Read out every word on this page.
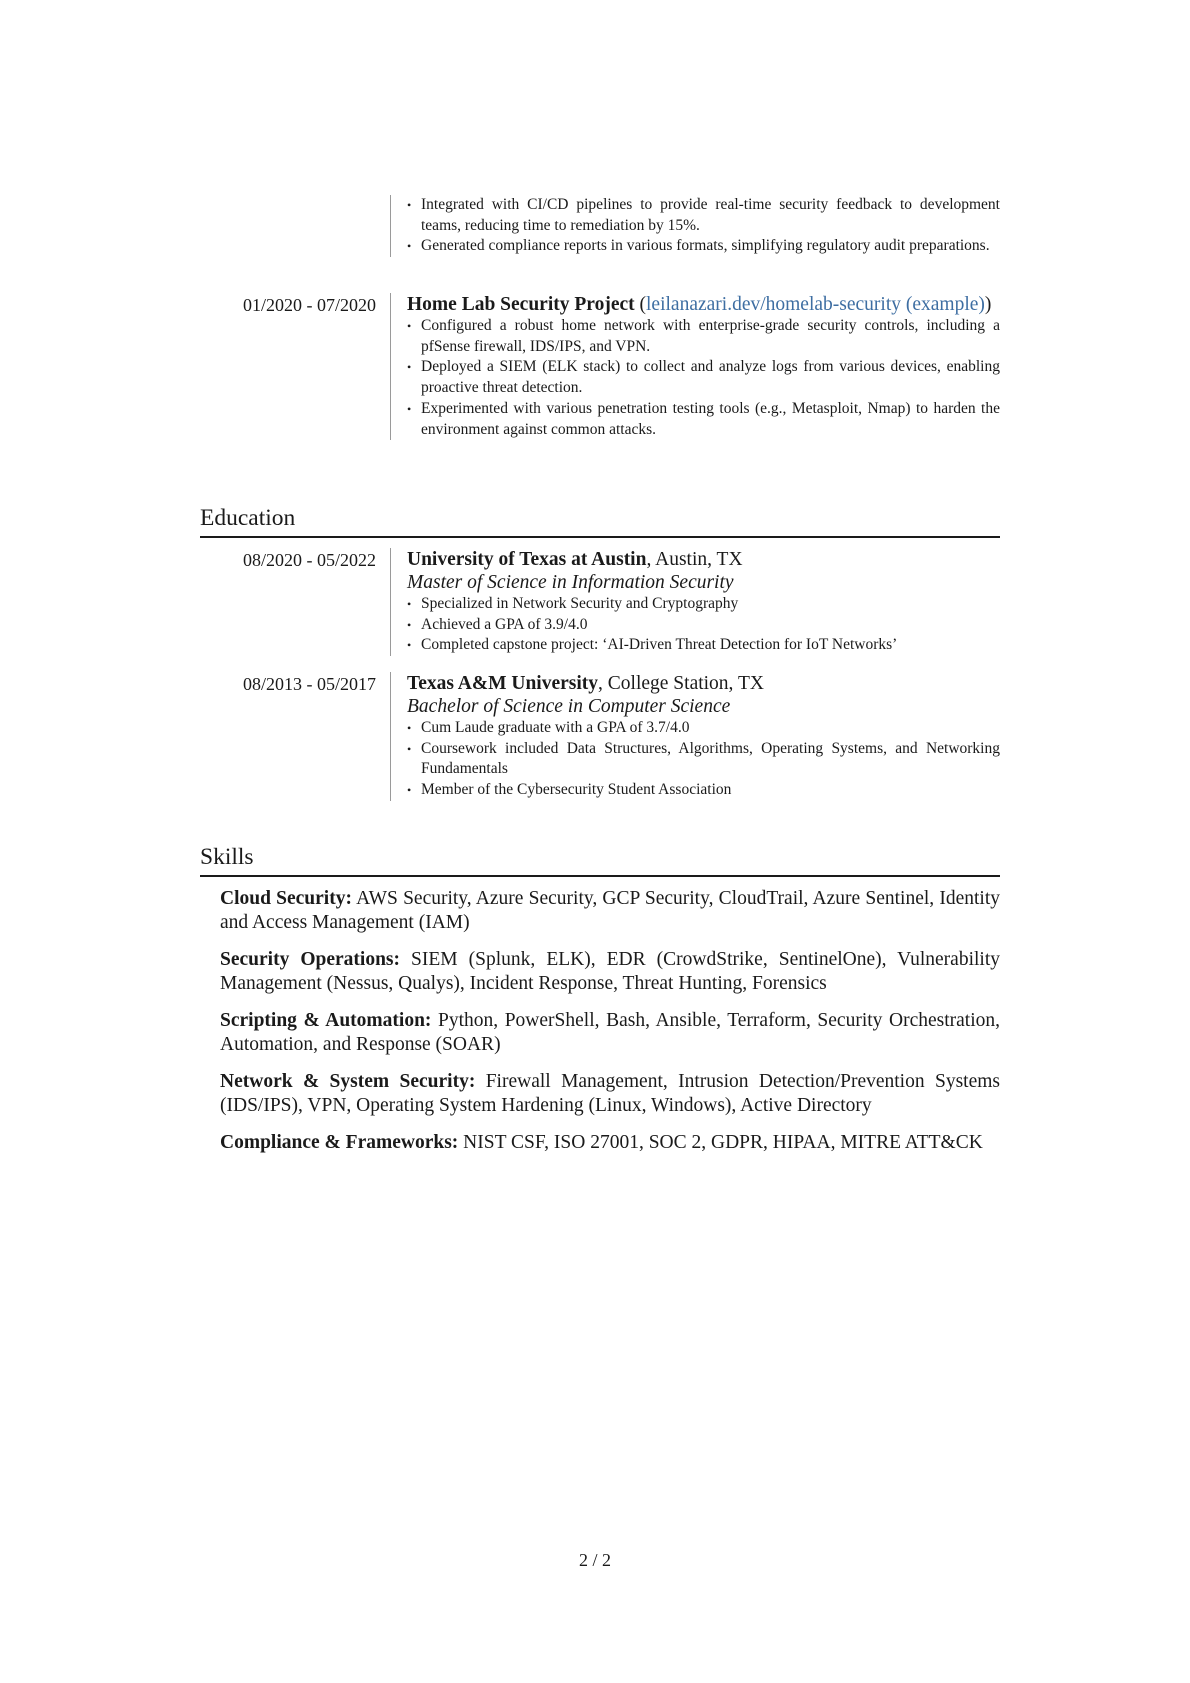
• Integrated with CI/CD pipelines to provide real-time security feedback to development teams, reducing time to remediation by 15%.
• Generated compliance reports in various formats, simplifying regulatory audit preparations.
01/2020 - 07/2020 Home Lab Security Project (leilanazari.dev/homelab-security (example))
• Configured a robust home network with enterprise-grade security controls, including a pfSense firewall, IDS/IPS, and VPN.
• Deployed a SIEM (ELK stack) to collect and analyze logs from various devices, enabling proactive threat detection.
• Experimented with various penetration testing tools (e.g., Metasploit, Nmap) to harden the environment against common attacks.
Education
08/2020 - 05/2022 University of Texas at Austin, Austin, TX
Master of Science in Information Security
• Specialized in Network Security and Cryptography
• Achieved a GPA of 3.9/4.0
• Completed capstone project: ‘AI-Driven Threat Detection for IoT Networks’
08/2013 - 05/2017 Texas A&M University, College Station, TX
Bachelor of Science in Computer Science
• Cum Laude graduate with a GPA of 3.7/4.0
• Coursework included Data Structures, Algorithms, Operating Systems, and Networking Fundamentals
• Member of the Cybersecurity Student Association
Skills
Cloud Security: AWS Security, Azure Security, GCP Security, CloudTrail, Azure Sentinel, Identity and Access Management (IAM)
Security Operations: SIEM (Splunk, ELK), EDR (CrowdStrike, SentinelOne), Vulnerability Management (Nessus, Qualys), Incident Response, Threat Hunting, Forensics
Scripting & Automation: Python, PowerShell, Bash, Ansible, Terraform, Security Orchestration, Automation, and Response (SOAR)
Network & System Security: Firewall Management, Intrusion Detection/Prevention Systems (IDS/IPS), VPN, Operating System Hardening (Linux, Windows), Active Directory
Compliance & Frameworks: NIST CSF, ISO 27001, SOC 2, GDPR, HIPAA, MITRE ATT&CK
2 / 2
